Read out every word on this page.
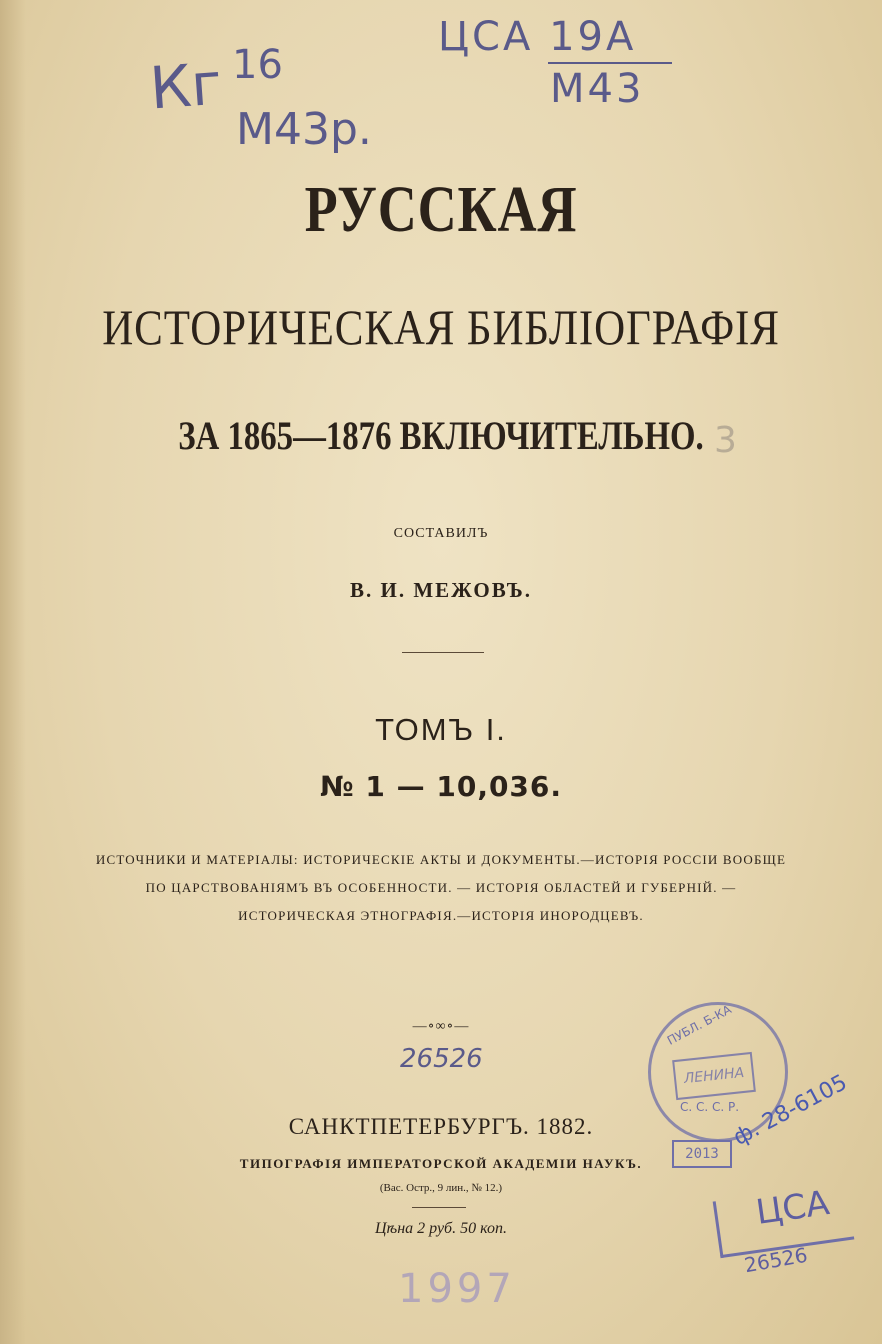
Кг 16
М43р.
ЦСА 19А
М43
3
РУССКАЯ
ИСТОРИЧЕСКАЯ БИБЛІОГРАФІЯ
ЗА 1865—1876 ВКЛЮЧИТЕЛЬНО.
СОСТАВИЛЪ
В. И. МЕЖОВЪ.
ТОМЪ I.
№ 1 — 10,036.
ИСТОЧНИКИ И МАТЕРІАЛЫ: ИСТОРИЧЕСКІЕ АКТЫ И ДОКУМЕНТЫ.—ИСТОРІЯ РОССІИ ВООБЩЕ
ПО ЦАРСТВОВАНІЯМЪ ВЪ ОСОБЕННОСТИ. — ИСТОРІЯ ОБЛАСТЕЙ И ГУБЕРНІЙ. —
ИСТОРИЧЕСКАЯ ЭТНОГРАФІЯ.—ИСТОРІЯ ИНОРОДЦЕВЪ.
—∘∞∘—
26526
САНКТПЕТЕРБУРГЪ. 1882.
ТИПОГРАФІЯ ИМПЕРАТОРСКОЙ АКАДЕМІИ НАУКЪ.
(Вас. Остр., 9 лин., № 12.)
Цѣна 2 руб. 50 коп.
ПУБЛ. Б-КА
ЛЕНИНА
С. С. С. Р.
2013
ф. 28-6105
ЦСА
26526
1997
